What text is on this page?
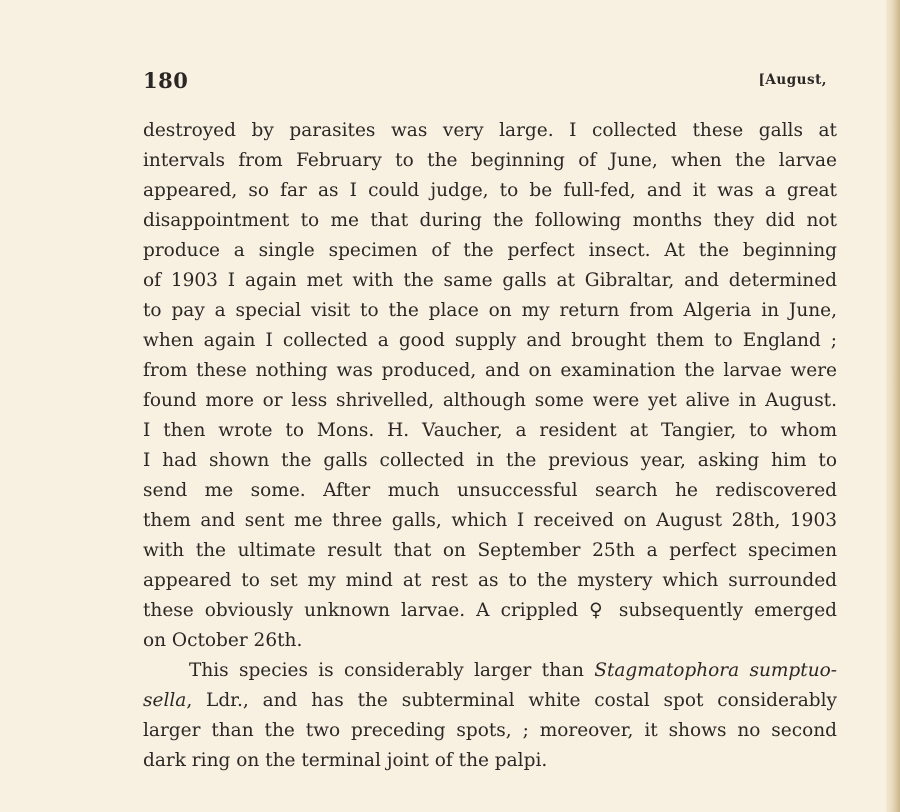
180	[August,
destroyed by parasites was very large. I collected these galls at
intervals from February to the beginning of June, when the larvae
appeared, so far as I could judge, to be full-fed, and it was a great
disappointment to me that during the following months they did not
produce a single specimen of the perfect insect. At the beginning
of 1903 I again met with the same galls at Gibraltar, and determined
to pay a special visit to the place on my return from Algeria in June,
when again I collected a good supply and brought them to England ;
from these nothing was produced, and on examination the larvae were
found more or less shrivelled, although some were yet alive in August.
I then wrote to Mons. H. Vaucher, a resident at Tangier, to whom
I had shown the galls collected in the previous year, asking him to
send me some. After much unsuccessful search he rediscovered
them and sent me three galls, which I received on August 28th, 1903
with the ultimate result that on September 25th a perfect specimen
appeared to set my mind at rest as to the mystery which surrounded
these obviously unknown larvae. A crippled ♀ subsequently emerged
on October 26th.
This species is considerably larger than Stagmatophora sumptuo-
sella, Ldr., and has the subterminal white costal spot considerably
larger than the two preceding spots, ; moreover, it shows no second
dark ring on the terminal joint of the palpi.
